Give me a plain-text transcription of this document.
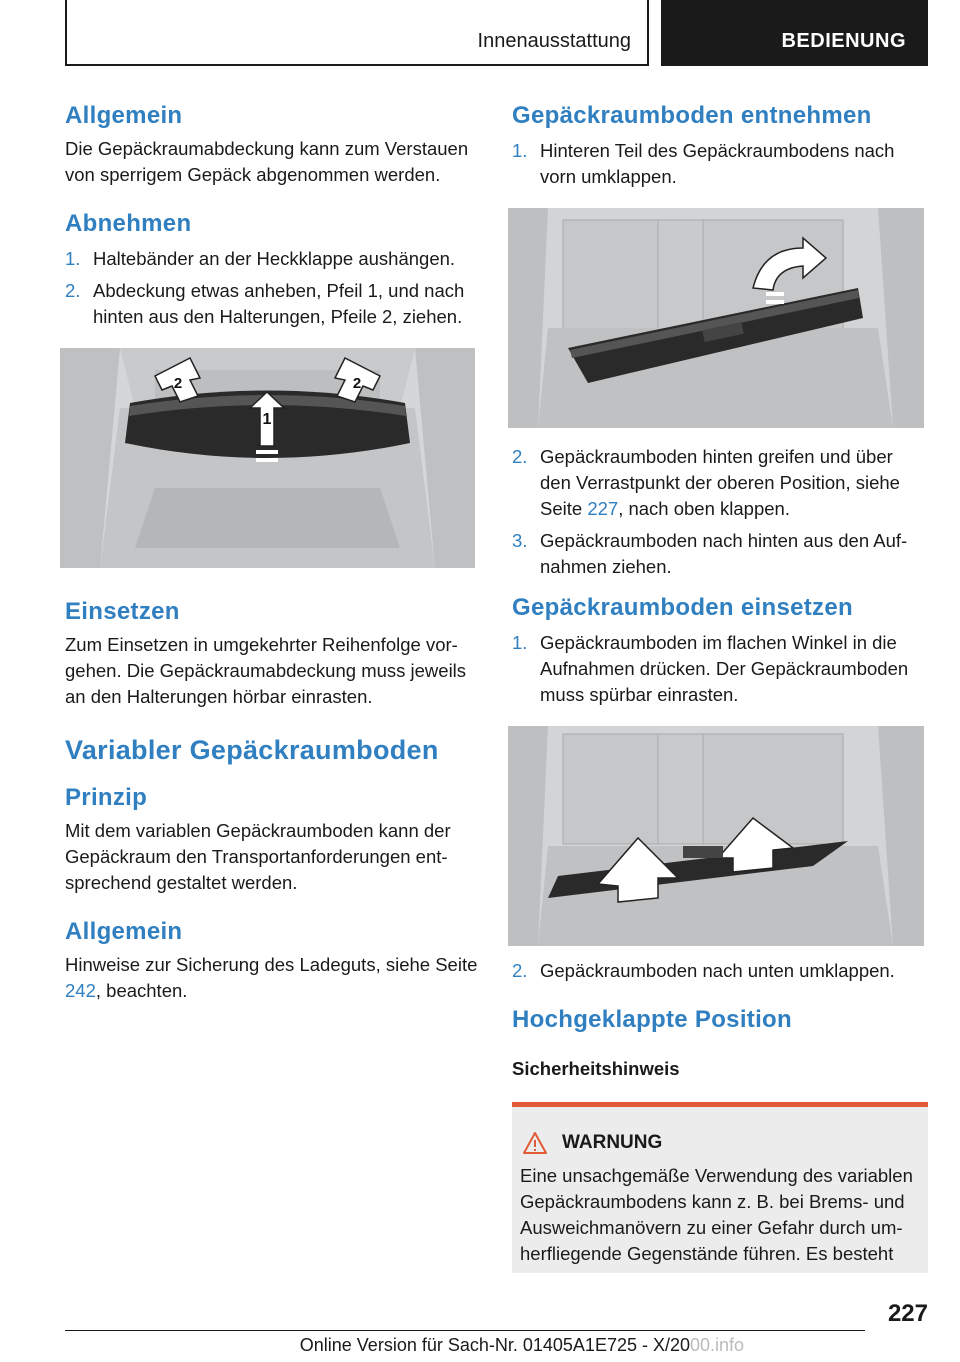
Innenausstattung	BEDIENUNG
Allgemein

Die Gepäckraumabdeckung kann zum Verstauen von sperrigem Gepäck abgenommen werden.

Abnehmen
1. Haltebänder an der Heckklappe aushängen.
2. Abdeckung etwas anheben, Pfeil 1, und nach hinten aus den Halterungen, Pfeile 2, ziehen.
1
2	2
Einsetzen

Zum Einsetzen in umgekehrter Reihenfolge vorgehen. Die Gepäckraumabdeckung muss jeweils an den Halterungen hörbar einrasten.

Variabler Gepäckraumboden
Prinzip

Mit dem variablen Gepäckraumboden kann der Gepäckraum den Transportanforderungen entsprechend gestaltet werden.

Allgemein

Hinweise zur Sicherung des Ladeguts, siehe Seite 242, beachten.

Gepäckraumboden entnehmen
1. Hinteren Teil des Gepäckraumbodens nach vorn umklappen.
2. Gepäckraumboden hinten greifen und über den Verrastpunkt der oberen Position, siehe Seite 227, nach oben klappen.
3. Gepäckraumboden nach hinten aus den Aufnahmen ziehen.
Gepäckraumboden einsetzen
1. Gepäckraumboden im flachen Winkel in die Aufnahmen drücken. Der Gepäckraumboden muss spürbar einrasten.
2. Gepäckraumboden nach unten umklappen.
Hochgeklappte Position
Sicherheitshinweis
WARNUNG

Eine unsachgemäße Verwendung des variablen Gepäckraumbodens kann z. B. bei Brems- und Ausweichmanövern zu einer Gefahr durch umherfliegende Gegenstände führen. Es besteht

227
Online Version für Sach-Nr. 01405A1E725 - X/20 00.info
